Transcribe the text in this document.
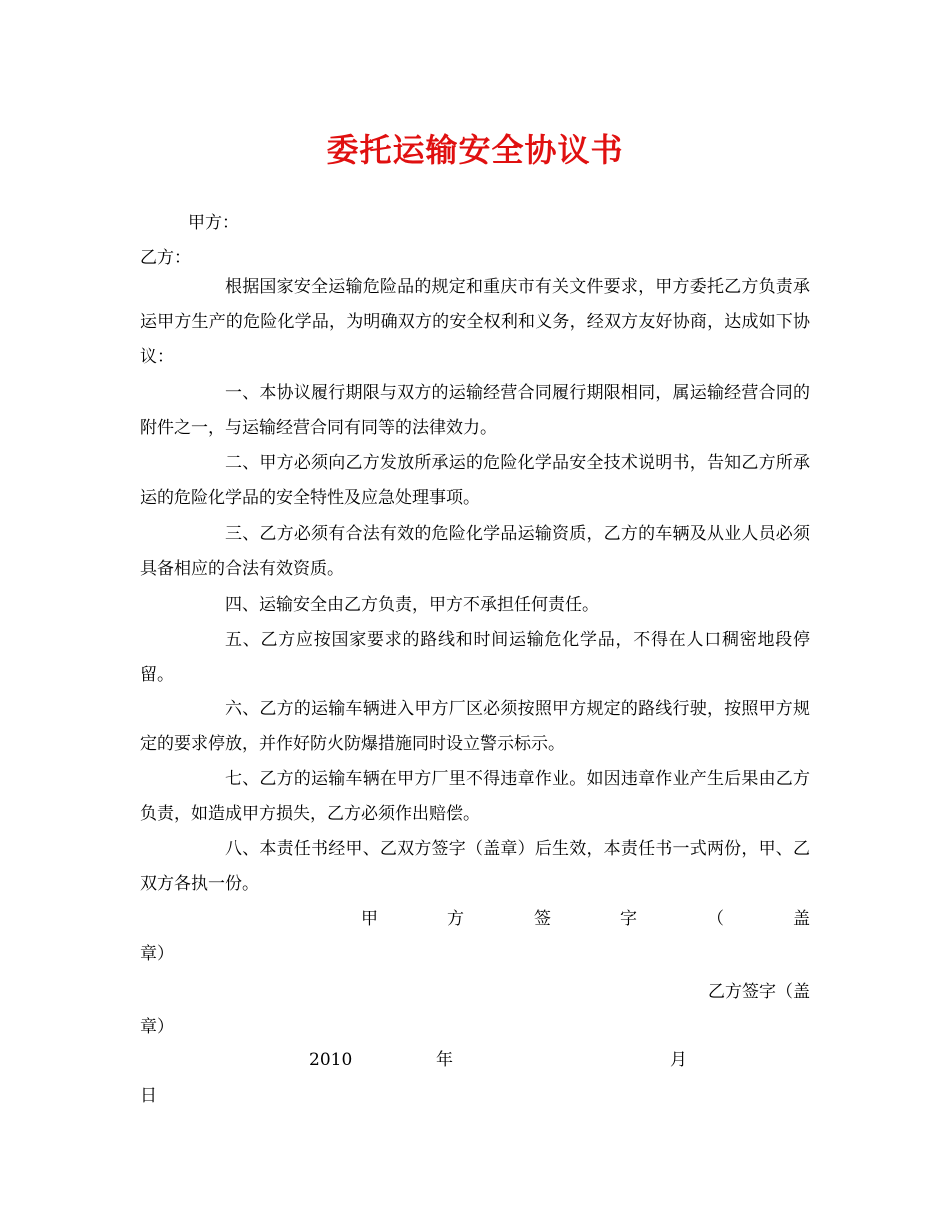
委托运输安全协议书
甲方：
乙方：
根据国家安全运输危险品的规定和重庆市有关文件要求，甲方委托乙方负责承运甲方生产的危险化学品，为明确双方的安全权利和义务，经双方友好协商，达成如下协议：
一、本协议履行期限与双方的运输经营合同履行期限相同，属运输经营合同的附件之一，与运输经营合同有同等的法律效力。
二、甲方必须向乙方发放所承运的危险化学品安全技术说明书，告知乙方所承运的危险化学品的安全特性及应急处理事项。
三、乙方必须有合法有效的危险化学品运输资质，乙方的车辆及从业人员必须具备相应的合法有效资质。
四、运输安全由乙方负责，甲方不承担任何责任。
五、乙方应按国家要求的路线和时间运输危化学品，不得在人口稠密地段停留。
六、乙方的运输车辆进入甲方厂区必须按照甲方规定的路线行驶，按照甲方规定的要求停放，并作好防火防爆措施同时设立警示标示。
七、乙方的运输车辆在甲方厂里不得违章作业。如因违章作业产生后果由乙方负责，如造成甲方损失，乙方必须作出赔偿。
八、本责任书经甲、乙双方签字（盖章）后生效，本责任书一式两份，甲、乙双方各执一份。
甲	方	签	字	（	盖
章）
乙方签字（盖
章）
2010	年	月
日
